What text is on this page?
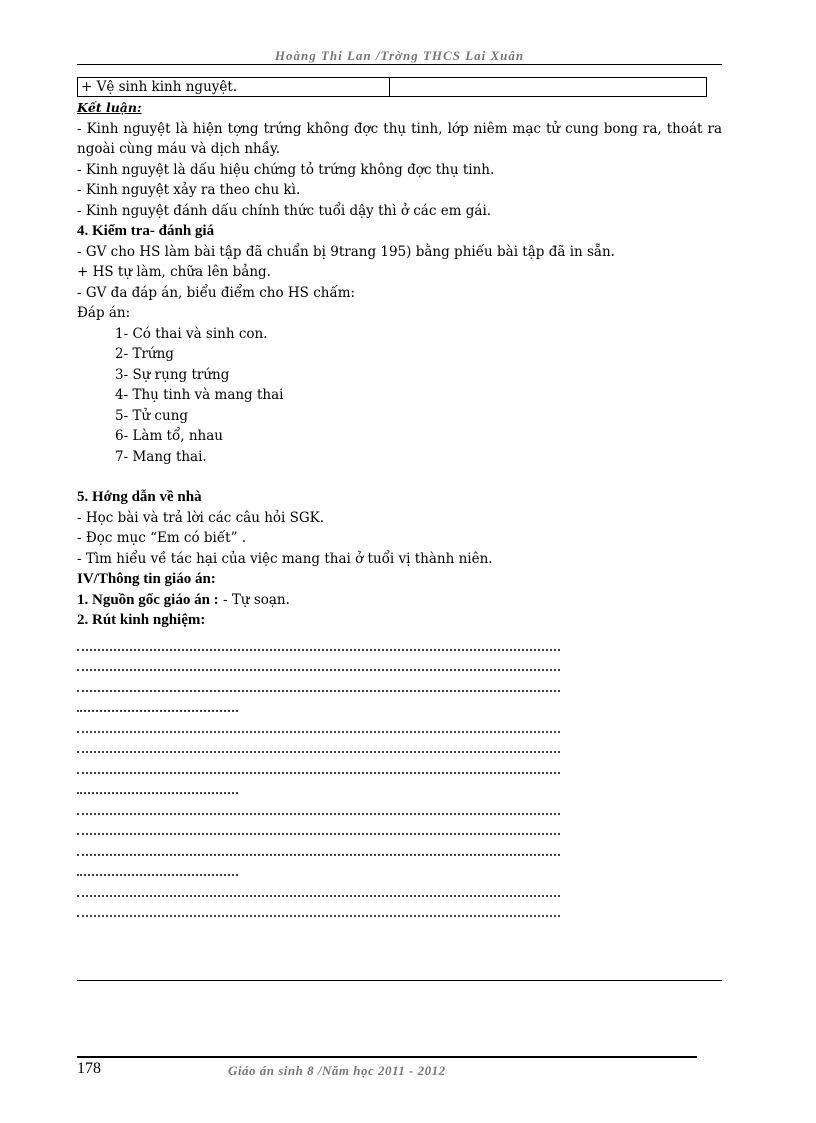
Hoàng Thi Lan /Trờng THCS Lai Xuân
+ Vệ sinh kinh nguyệt.	

Kết luận:

- Kinh nguyệt là hiện tợng trứng không đợc thụ tinh, lớp niêm mạc tử cung bong ra, thoát ra ngoài cùng máu và dịch nhầy.

- Kinh nguyệt là dấu hiệu chứng tỏ trứng không đợc thụ tinh.

- Kinh nguyệt xảy ra theo chu kì.

- Kinh nguyệt đánh dấu chính thức tuổi dậy thì ở các em gái.

4. Kiểm tra- đánh giá

- GV cho HS làm bài tập đã chuẩn bị 9trang 195) bằng phiếu bài tập đã in sẵn.

+ HS tự làm, chữa lên bảng.

- GV đa đáp án, biểu điểm cho HS chấm:

Đáp án:

1- Có thai và sinh con.

2- Trứng

3- Sự rụng trứng

4- Thụ tinh và mang thai

5- Tử cung

6- Làm tổ, nhau

7- Mang thai.

5. Hớng dẫn về nhà

- Học bài và trả lời các câu hỏi SGK.

- Đọc mục “Em có biết” .

- Tìm hiểu về tác hại của việc mang thai ở tuổi vị thành niên.

IV/Thông tin giáo án:

1. Nguồn gốc giáo án : - Tự soạn.

2. Rút kinh nghiệm:

178	Giáo án sinh 8 /Năm học 2011 - 2012
